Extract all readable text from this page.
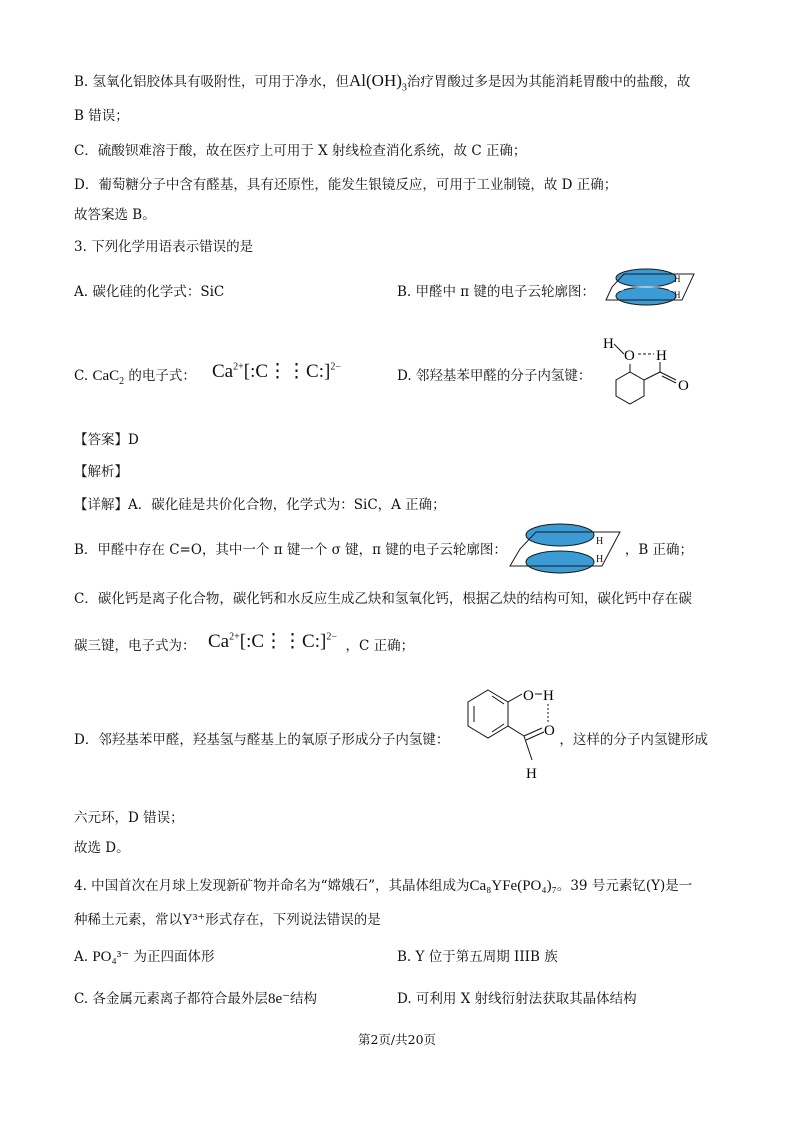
B. 氢氧化铝胶体具有吸附性，可用于净水，但$Al(OH)_3$治疗胃酸过多是因为其能消耗胃酸中的盐酸，故
B 错误；
C．硫酸钡难溶于酸，故在医疗上可用于 X 射线检查消化系统，故 C 正确；
D．葡萄糖分子中含有醛基，具有还原性，能发生银镜反应，可用于工业制镜，故 D 正确；
故答案选 B。
3. 下列化学用语表示错误的是
A. 碳化硅的化学式：SiC	B. 甲醛中 π 键的电子云轮廓图：	O	C
H
H
C. CaC$_2$ 的电子式： $Ca^{2+}[:C⋮⋮C:]^{2-}$
D. 邻羟基苯甲醛的分子内氢键：
H
O H
O
【答案】D
【解析】
【详解】A．碳化硅是共价化合物，化学式为：SiC，A 正确；
B．甲醛中存在 C=O，其中一个 π 键一个 σ 键，π 键的电子云轮廓图：	，B 正确；
O	C
H
H
C．碳化钙是离子化合物，碳化钙和水反应生成乙炔和氢氧化钙，根据乙炔的结构可知，碳化钙中存在碳
碳三键，电子式为：	，C 正确；
$Ca^{2+}[:C⋮⋮C:]^{2-}$
D．邻羟基苯甲醛，羟基氢与醛基上的氧原子形成分子内氢键：	，这样的分子内氢键形成
O H
O
H
六元环，D 错误；
故选 D。
4. 中国首次在月球上发现新矿物并命名为“嫦娥石”，其晶体组成为Ca₈YFe(PO₄)₇。39 号元素钇(Y)是一
种稀土元素，常以Y³⁺形式存在，下列说法错误的是
A. PO₄³⁻ 为正四面体形	B. Y 位于第五周期 IIIB 族
C. 各金属元素离子都符合最外层8e⁻结构	D. 可利用 X 射线衍射法获取其晶体结构
第2页/共20页
